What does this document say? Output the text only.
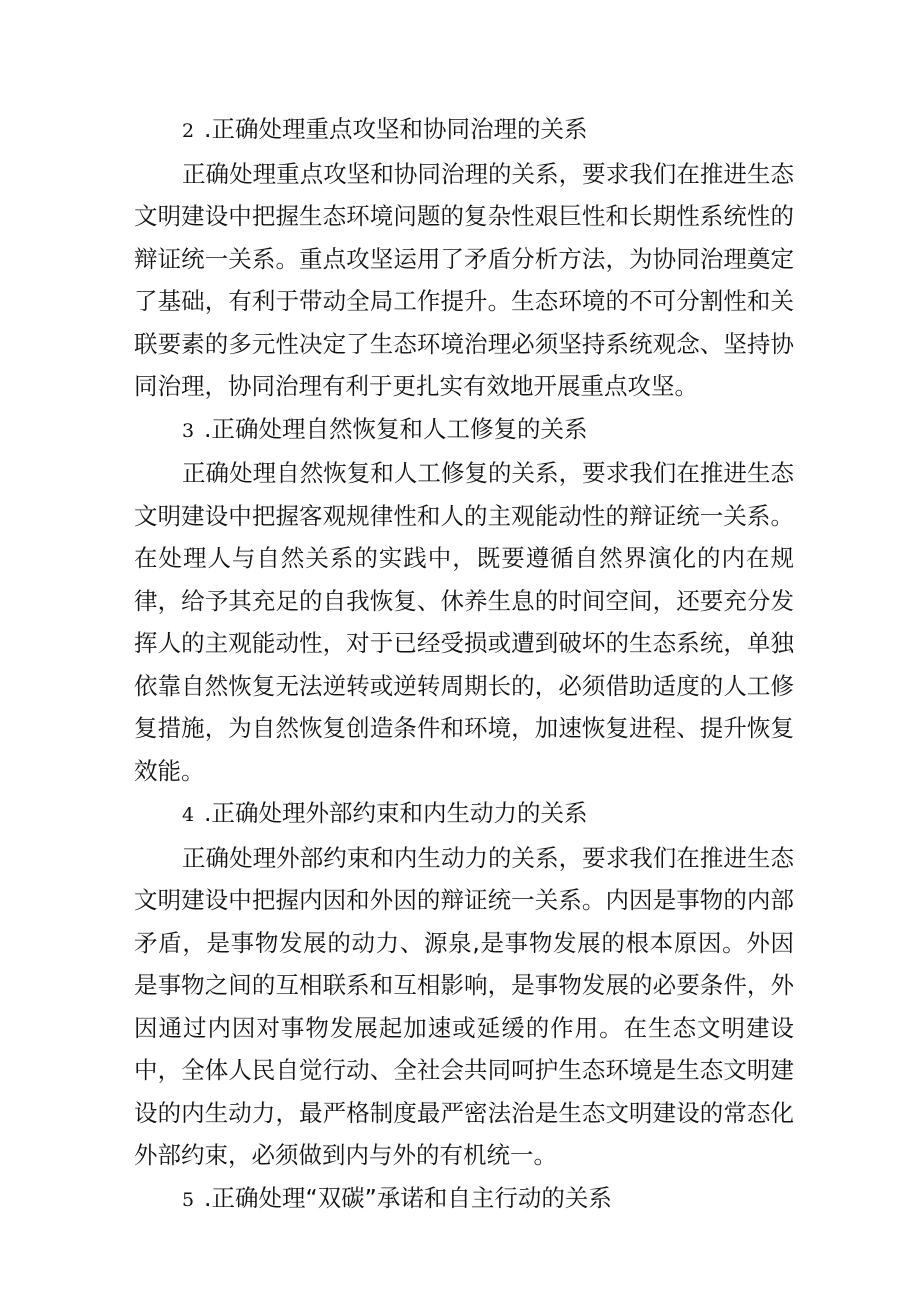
2 .正确处理重点攻坚和协同治理的关系

正确处理重点攻坚和协同治理的关系，要求我们在推进生态文明建设中把握生态环境问题的复杂性艰巨性和长期性系统性的辩证统一关系。重点攻坚运用了矛盾分析方法，为协同治理奠定了基础，有利于带动全局工作提升。生态环境的不可分割性和关联要素的多元性决定了生态环境治理必须坚持系统观念、坚持协同治理，协同治理有利于更扎实有效地开展重点攻坚。

3 .正确处理自然恢复和人工修复的关系

正确处理自然恢复和人工修复的关系，要求我们在推进生态文明建设中把握客观规律性和人的主观能动性的辩证统一关系。在处理人与自然关系的实践中，既要遵循自然界演化的内在规律，给予其充足的自我恢复、休养生息的时间空间，还要充分发挥人的主观能动性，对于已经受损或遭到破坏的生态系统，单独依靠自然恢复无法逆转或逆转周期长的，必须借助适度的人工修复措施，为自然恢复创造条件和环境，加速恢复进程、提升恢复效能。

4 .正确处理外部约束和内生动力的关系

正确处理外部约束和内生动力的关系，要求我们在推进生态文明建设中把握内因和外因的辩证统一关系。内因是事物的内部矛盾，是事物发展的动力、源泉,是事物发展的根本原因。外因是事物之间的互相联系和互相影响，是事物发展的必要条件，外因通过内因对事物发展起加速或延缓的作用。在生态文明建设中，全体人民自觉行动、全社会共同呵护生态环境是生态文明建设的内生动力，最严格制度最严密法治是生态文明建设的常态化外部约束，必须做到内与外的有机统一。

5 .正确处理“双碳”承诺和自主行动的关系
